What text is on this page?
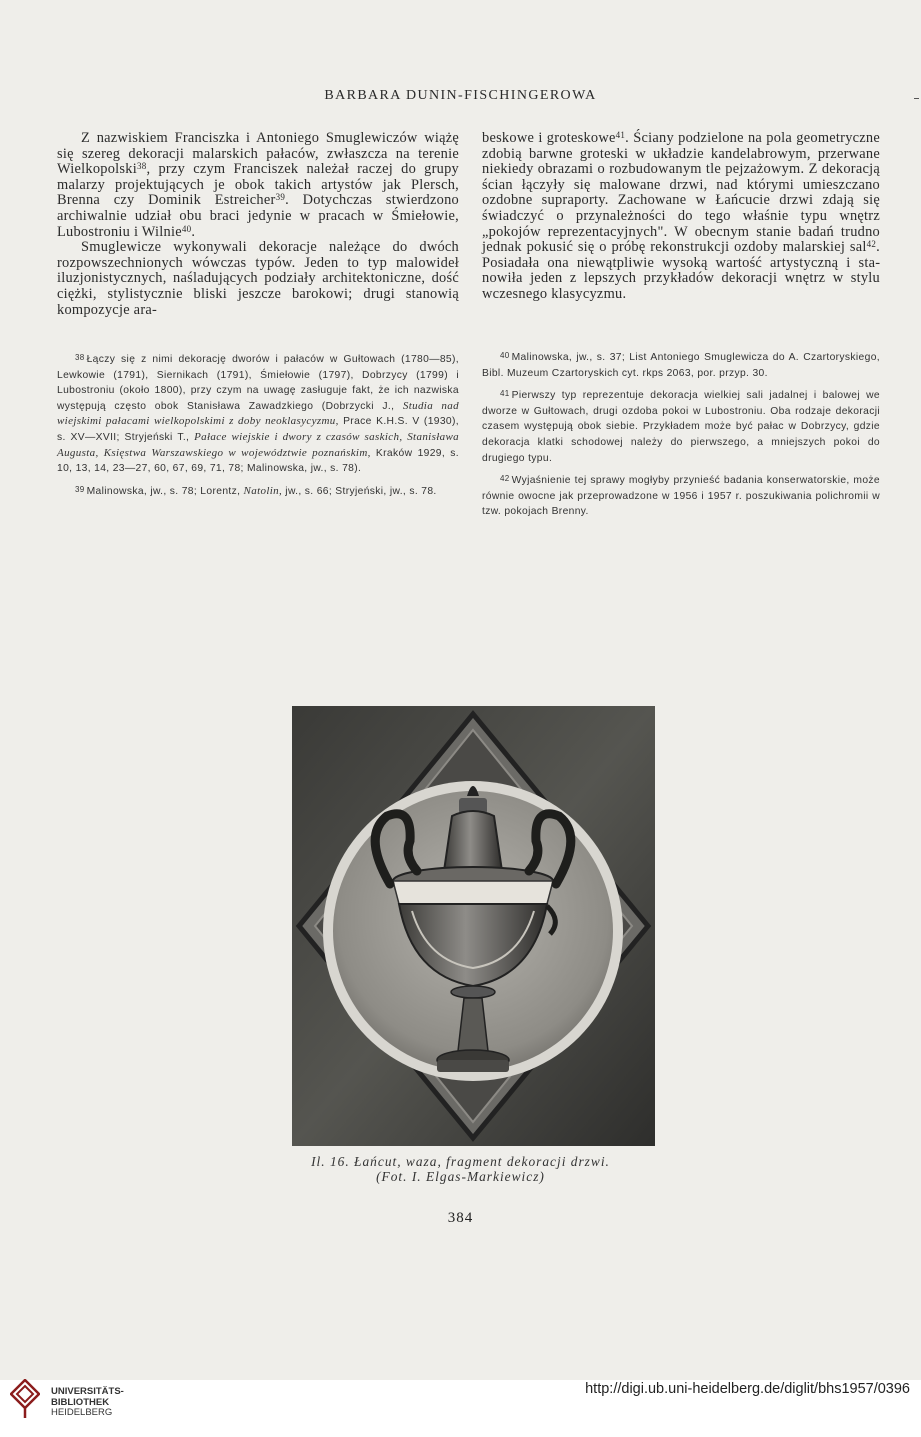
BARBARA DUNIN-FISCHINGEROWA

Z nazwiskiem Franciszka i Antoniego Smuglewiczów wiążę się szereg dekoracji malarskich pałaców, zwłaszcza na terenie Wielkopolski$^{38}$, przy czym Franciszek należał raczej do grupy malarzy projektujących je obok takich artystów jak Plersch, Brenna czy Dominik Estreicher$^{39}$. Dotychczas stwierdzono archiwalnie udział obu braci jedynie w pracach w Śmiełowie, Lubostroniu i Wilnie$^{40}$.

Smuglewicze wykonywali dekoracje należące do dwóch rozpowszechnionych wówczas typów. Jeden to typ malowideł iluzjonistycznych, naśladujących podziały architektoniczne, dość ciężki, stylistycznie bliski jeszcze barokowi; drugi stanowią kompozycje ara-

beskowe i groteskowe$^{41}$. Ściany podzielone na pola geometryczne zdobią barwne groteski w układzie kandelabrowym, przerwane niekiedy obrazami o rozbudowanym tle pejzażowym. Z dekoracją ścian łączyły się malowane drzwi, nad którymi umieszczano ozdobne supraporty. Zachowane w Łańcucie drzwi zdają się świadczyć o przynależności do tego właśnie typu wnętrz „pokojów reprezentacyjnych". W obecnym stanie badań trudno jednak pokusić się o próbę rekonstrukcji ozdoby malarskiej sal$^{42}$. Posiadała ona niewątpliwie wysoką wartość artystyczną i stanowiła jeden z lepszych przykładów dekoracji wnętrz w stylu wczesnego klasycyzmu.

38 Łączy się z nimi dekorację dworów i pałaców w Gułtowach (1780—85), Lewkowie (1791), Siernikach (1791), Śmiełowie (1797), Dobrzycy (1799) i Lubostroniu (około 1800), przy czym na uwagę zasługuje fakt, że ich nazwiska występują często obok Stanisława Zawadzkiego (Dobrzycki J., Studia nad wiejskimi pałacami wielkopolskimi z doby neoklasycyzmu, Prace K.H.S. V (1930), s. XV—XVII; Stryjeński T., Pałace wiejskie i dwory z czasów saskich, Stanisława Augusta, Księstwa Warszawskiego w województwie poznańskim, Kraków 1929, s. 10, 13, 14, 23—27, 60, 67, 69, 71, 78; Malinowska, jw., s. 78).

39 Malinowska, jw., s. 78; Lorentz, Natolin, jw., s. 66; Stryjeński, jw., s. 78.

40 Malinowska, jw., s. 37; List Antoniego Smuglewicza do A. Czartoryskiego, Bibl. Muzeum Czartoryskich cyt. rkps 2063, por. przyp. 30.

41 Pierwszy typ reprezentuje dekoracja wielkiej sali jadalnej i balowej we dworze w Gułtowach, drugi ozdoba pokoi w Lubostroniu. Oba rodzaje dekoracji czasem występują obok siebie. Przykładem może być pałac w Dobrzycy, gdzie dekoracja klatki schodowej należy do pierwszego, a mniejszych pokoi do drugiego typu.

42 Wyjaśnienie tej sprawy mogłyby przynieść badania konserwatorskie, może równie owocne jak przeprowadzone w 1956 i 1957 r. poszukiwania polichromii w tzw. pokojach Brenny.

Il. 16. Łańcut, waza, fragment dekoracji drzwi.
(Fot. I. Elgas-Markiewicz)
384
UNIVERSITÄTS-
BIBLIOTHEK
HEIDELBERG
http://digi.ub.uni-heidelberg.de/diglit/bhs1957/0396
